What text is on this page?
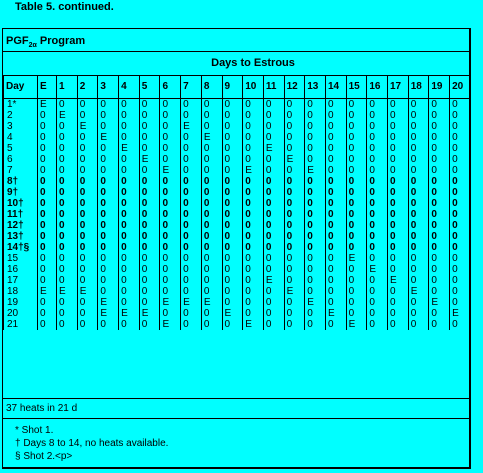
Table 5. continued.
$PGF_{2\alpha}$ Program
Days to Estrous
Day	E	1	2	3	4	5	6	7	8	9	10	11	12	13	14	15	16	17	18	19	20
1*	E	0	0	0	0	0	0	0	0	0	0	0	0	0	0	0	0	0	0	0	0
2	0	E	0	0	0	0	0	0	0	0	0	0	0	0	0	0	0	0	0	0	0
3	0	0	E	0	0	0	0	E	0	0	0	0	0	0	0	0	0	0	0	0	0
4	0	0	0	E	0	0	0	0	E	0	0	0	0	0	0	0	0	0	0	0	0
5	0	0	0	0	E	0	0	0	0	0	0	E	0	0	0	0	0	0	0	0	0
6	0	0	0	0	0	E	0	0	0	0	0	0	E	0	0	0	0	0	0	0	0
7	0	0	0	0	0	0	E	0	0	0	E	0	0	E	0	0	0	0	0	0	0
8†	0	0	0	0	0	0	0	0	0	0	0	0	0	0	0	0	0	0	0	0	0
9†	0	0	0	0	0	0	0	0	0	0	0	0	0	0	0	0	0	0	0	0	0
10†	0	0	0	0	0	0	0	0	0	0	0	0	0	0	0	0	0	0	0	0	0
11†	0	0	0	0	0	0	0	0	0	0	0	0	0	0	0	0	0	0	0	0	0
12†	0	0	0	0	0	0	0	0	0	0	0	0	0	0	0	0	0	0	0	0	0
13†	0	0	0	0	0	0	0	0	0	0	0	0	0	0	0	0	0	0	0	0	0
14†§	0	0	0	0	0	0	0	0	0	0	0	0	0	0	0	0	0	0	0	0	0
15	0	0	0	0	0	0	0	0	0	0	0	0	0	0	0	E	0	0	0	0	0
16	0	0	0	0	0	0	0	0	0	0	0	0	0	0	0	0	E	0	0	0	0
17	0	0	0	0	0	0	0	0	0	0	0	E	0	0	0	0	0	E	0	0	0
18	E	E	E	0	0	0	0	0	0	0	0	0	E	0	0	0	0	0	E	0	0
19	0	0	0	E	0	0	E	E	E	0	0	0	0	E	0	0	0	0	0	E	0
20	0	0	0	E	E	E	0	0	0	E	0	0	0	0	E	0	0	0	0	0	E
21	0	0	0	0	0	0	E	0	0	0	E	0	0	0	0	E	0	0	0	0	0
37 heats in 21 d
* Shot 1.
† Days 8 to 14, no heats available.
§ Shot 2.<p>
